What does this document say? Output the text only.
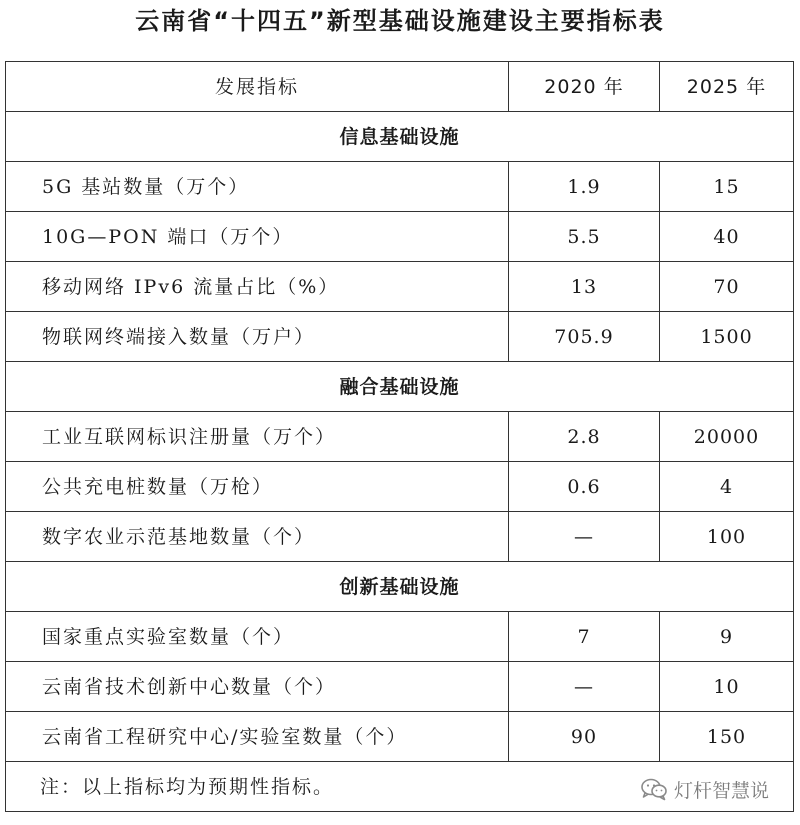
云南省“十四五”新型基础设施建设主要指标表
发展指标	2020 年	2025 年
信息基础设施		
5G 基站数量（万个）	1.9	15
10G—PON 端口（万个）	5.5	40
移动网络 IPv6 流量占比（%）	13	70
物联网终端接入数量（万户）	705.9	1500
融合基础设施		
工业互联网标识注册量（万个）	2.8	20000
公共充电桩数量（万枪）	0.6	4
数字农业示范基地数量（个）	—	100
创新基础设施		
国家重点实验室数量（个）	7	9
云南省技术创新中心数量（个）	—	10
云南省工程研究中心/实验室数量（个）	90	150
注：以上指标均为预期性指标。			灯杆智慧说
